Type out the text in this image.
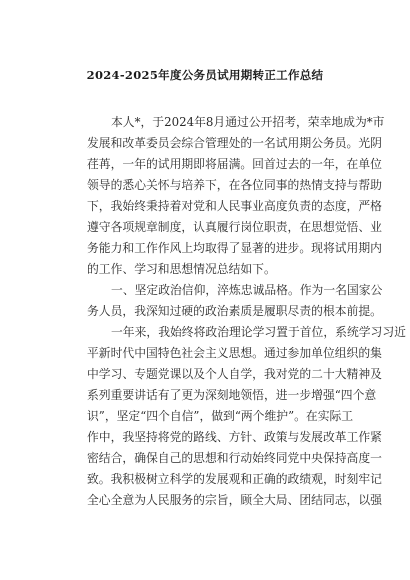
2024-2025年度公务员试用期转正工作总结
本人*，于2024年8月通过公开招考，荣幸地成为*市
发展和改革委员会综合管理处的一名试用期公务员。光阴
荏苒，一年的试用期即将届满。回首过去的一年，在单位
领导的悉心关怀与培养下，在各位同事的热情支持与帮助
下，我始终秉持着对党和人民事业高度负责的态度，严格
遵守各项规章制度，认真履行岗位职责，在思想觉悟、业
务能力和工作作风上均取得了显著的进步。现将试用期内
的工作、学习和思想情况总结如下。
一、坚定政治信仰，淬炼忠诚品格。作为一名国家公
务人员，我深知过硬的政治素质是履职尽责的根本前提。
一年来，我始终将政治理论学习置于首位，系统学习习近
平新时代中国特色社会主义思想。通过参加单位组织的集
中学习、专题党课以及个人自学，我对党的二十大精神及
系列重要讲话有了更为深刻地领悟，进一步增强“四个意
识”，坚定“四个自信”，做到“两个维护”。在实际工
作中，我坚持将党的路线、方针、政策与发展改革工作紧
密结合，确保自己的思想和行动始终同党中央保持高度一
致。我积极树立科学的发展观和正确的政绩观，时刻牢记
全心全意为人民服务的宗旨，顾全大局、团结同志，以强
